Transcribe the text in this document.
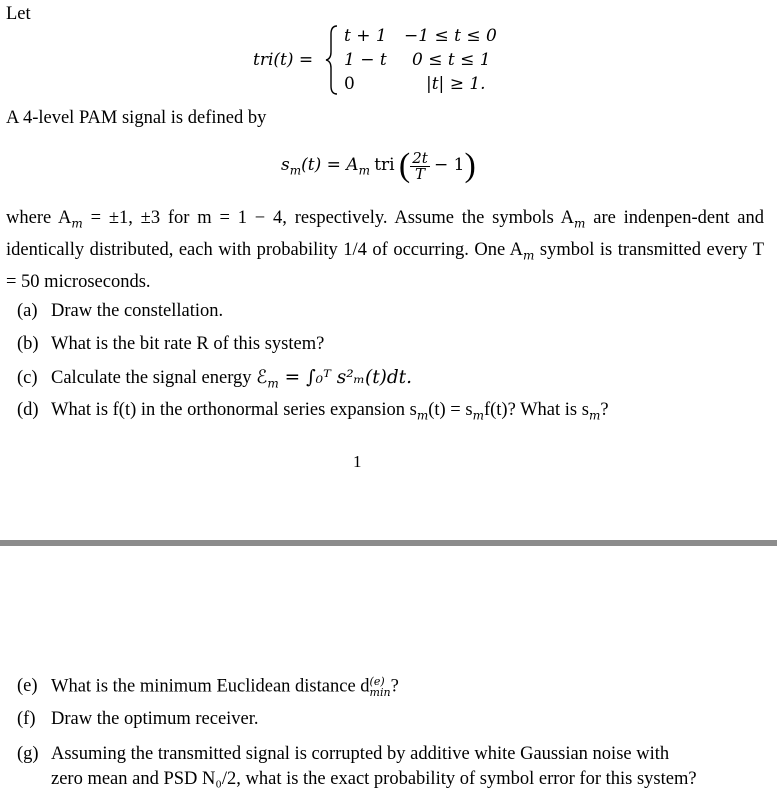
Let
tri(t) =
t + 1 −1 ≤ t ≤ 0
1 − t 0 ≤ t ≤ 1
0	|t| ≥ 1.
A 4-level PAM signal is defined by
$s_m(t) = A_m$ tri ( $\frac{2t}{T} - 1$)
where $A_m = \pm 1$, ±3 for m = 1 − 4, respectively. Assume the symbols $A_m$ are indenpen-dent and identically distributed, each with probability 1/4 of occurring. One $A_m$ symbol is transmitted every T = 50 microseconds.
(a) Draw the constellation.
(b) What is the bit rate R of this system?
(c) Calculate the signal energy ℰ$_m$ = ∫₀ᵀ s²ₘ(t)dt.
(d) What is f(t) in the orthonormal series expansion $s_m(t) = s_mf(t)$? What is $s_m$?
1
(e) What is the minimum Euclidean distance d (e)
min ?
(f) Draw the optimum receiver.
(g) Assuming the transmitted signal is corrupted by additive white Gaussian noise with
zero mean and PSD N₀/2, what is the exact probability of symbol error for this system?
